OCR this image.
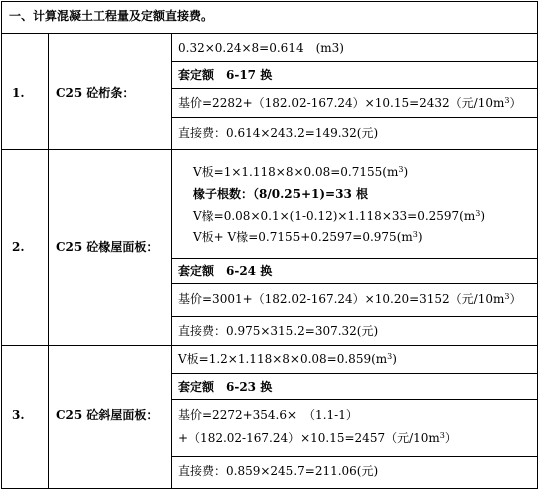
一、计算混凝土工程量及定额直接费。
1.	C25 砼桁条：
0.32×0.24×8=0.614　(m3)
套定额　6-17 换
基价=2282+（182.02-167.24）×10.15=2432（元$/10m^3$）
直接费：0.614×243.2=149.32(元)
2.	C25 砼椽屋面板：
V板$=1\times 1.118\times 8\times 0.08=0.7155(m^3)$
椽子根数：（8/0.25+1)=33 根
V椽$=0.08\times 0.1\times(1-0.12)\times 1.118\times 33=0.2597(m^3)$
V板+ V椽$=0.7155+0.2597=0.975(m^3)$
套定额　6-24 换
基价=3001+（182.02-167.24）×10.20=3152（元$/10m^3$）
直接费：0.975×315.2=307.32(元)
3.	C25 砼斜屋面板：
V板$=1.2\times 1.118\times 8\times 0.08=0.859(m^3)$
套定额　6-23 换
基价=2272+354.6×　（1.1-1）
+（182.02-167.24）×10.15=2457（元$/10m^3$）
直接费：0.859×245.7=211.06(元)
